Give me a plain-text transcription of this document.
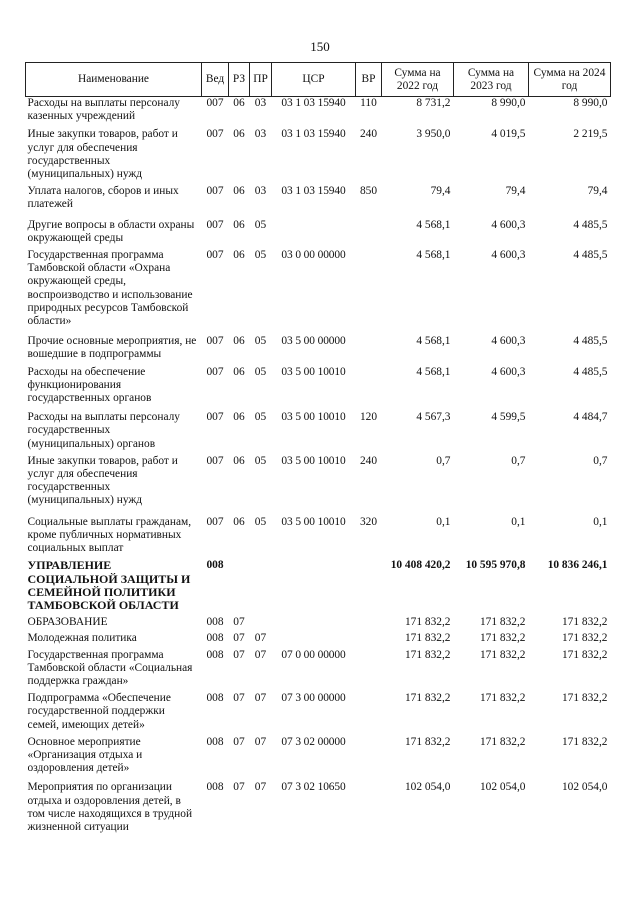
150
Наименование	Вед	РЗ	ПР	ЦСР	ВР	Сумма на 2022 год	Сумма на 2023 год	Сумма на 2024 год
Расходы на выплаты персоналу казенных учреждений	007	06	03	03 1 03 15940	110	8 731,2	8 990,0	8 990,0
Иные закупки товаров, работ и услуг для обеспечения государственных (муниципальных) нужд	007	06	03	03 1 03 15940	240	3 950,0	4 019,5	2 219,5
Уплата налогов, сборов и иных платежей	007	06	03	03 1 03 15940	850	79,4	79,4	79,4
Другие вопросы в области охраны окружающей среды	007	06	05			4 568,1	4 600,3	4 485,5
Государственная программа Тамбовской области «Охрана окружающей среды, воспроизводство и использование природных ресурсов Тамбовской области»	007	06	05	03 0 00 00000		4 568,1	4 600,3	4 485,5
Прочие основные мероприятия, не вошедшие в подпрограммы	007	06	05	03 5 00 00000		4 568,1	4 600,3	4 485,5
Расходы на обеспечение функционирования государственных органов	007	06	05	03 5 00 10010		4 568,1	4 600,3	4 485,5
Расходы на выплаты персоналу государственных (муниципальных) органов	007	06	05	03 5 00 10010	120	4 567,3	4 599,5	4 484,7
Иные закупки товаров, работ и услуг для обеспечения государственных (муниципальных) нужд	007	06	05	03 5 00 10010	240	0,7	0,7	0,7
Социальные выплаты гражданам, кроме публичных нормативных социальных выплат	007	06	05	03 5 00 10010	320	0,1	0,1	0,1
УПРАВЛЕНИЕ СОЦИАЛЬНОЙ ЗАЩИТЫ И СЕМЕЙНОЙ ПОЛИТИКИ ТАМБОВСКОЙ ОБЛАСТИ	008					10 408 420,2	10 595 970,8	10 836 246,1
ОБРАЗОВАНИЕ	008	07				171 832,2	171 832,2	171 832,2
Молодежная политика	008	07	07			171 832,2	171 832,2	171 832,2
Государственная программа Тамбовской области «Социальная поддержка граждан»	008	07	07	07 0 00 00000		171 832,2	171 832,2	171 832,2
Подпрограмма «Обеспечение государственной поддержки семей, имеющих детей»	008	07	07	07 3 00 00000		171 832,2	171 832,2	171 832,2
Основное мероприятие «Организация отдыха и оздоровления детей»	008	07	07	07 3 02 00000		171 832,2	171 832,2	171 832,2
Мероприятия по организации отдыха и оздоровления детей, в том числе находящихся в трудной жизненной ситуации	008	07	07	07 3 02 10650		102 054,0	102 054,0	102 054,0
